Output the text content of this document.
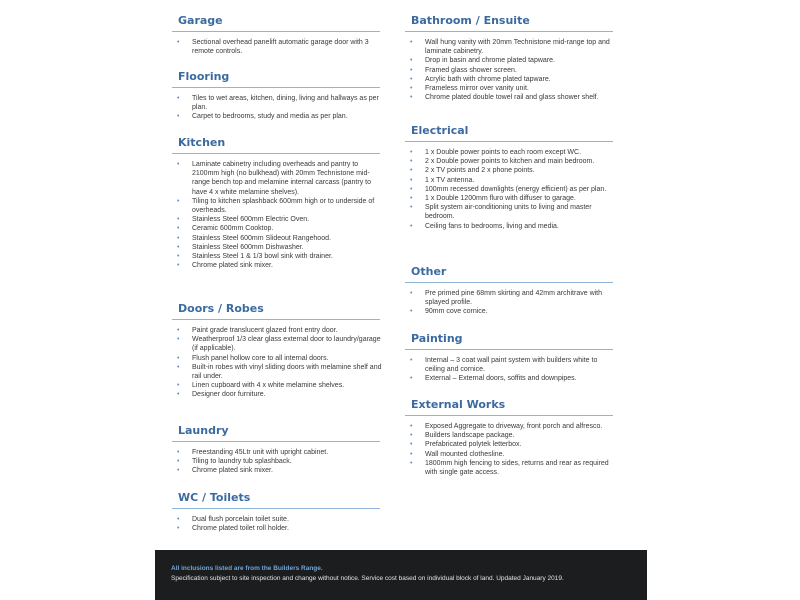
Garage
• Sectional overhead panelift automatic garage door with 3 remote controls.
Flooring
• Tiles to wet areas, kitchen, dining, living and hallways as per plan.
• Carpet to bedrooms, study and media as per plan.
Kitchen
• Laminate cabinetry including overheads and pantry to 2100mm high (no bulkhead) with 20mm Technistone mid-range bench top and melamine internal carcass (pantry to have 4 x white melamine shelves).
• Tiling to kitchen splashback 600mm high or to underside of overheads.
• Stainless Steel 600mm Electric Oven.
• Ceramic 600mm Cooktop.
• Stainless Steel 600mm Slideout Rangehood.
• Stainless Steel 600mm Dishwasher.
• Stainless Steel 1 & 1/3 bowl sink with drainer.
• Chrome plated sink mixer.
Doors / Robes
• Paint grade translucent glazed front entry door.
• Weatherproof 1/3 clear glass external door to laundry/garage (if applicable).
• Flush panel hollow core to all internal doors.
• Built-in robes with vinyl sliding doors with melamine shelf and rail under.
• Linen cupboard with 4 x white melamine shelves.
• Designer door furniture.
Laundry
• Freestanding 45Ltr unit with upright cabinet.
• Tiling to laundry tub splashback.
• Chrome plated sink mixer.
WC / Toilets
• Dual flush porcelain toilet suite.
• Chrome plated toilet roll holder.
Bathroom / Ensuite
• Wall hung vanity with 20mm Technistone mid-range top and laminate cabinetry.
• Drop in basin and chrome plated tapware.
• Framed glass shower screen.
• Acrylic bath with chrome plated tapware.
• Frameless mirror over vanity unit.
• Chrome plated double towel rail and glass shower shelf.
Electrical
• 1 x Double power points to each room except WC.
• 2 x Double power points to kitchen and main bedroom.
• 2 x TV points and 2 x phone points.
• 1 x TV antenna.
• 100mm recessed downlights (energy efficient) as per plan.
• 1 x Double 1200mm fluro with diffuser to garage.
• Split system air-conditioning units to living and master bedroom.
• Ceiling fans to bedrooms, living and media.
Other
• Pre primed pine 68mm skirting and 42mm architrave with splayed profile.
• 90mm cove cornice.
Painting
• Internal – 3 coat wall paint system with builders white to ceiling and cornice.
• External – External doors, soffits and downpipes.
External Works
• Exposed Aggregate to driveway, front porch and alfresco.
• Builders landscape package.
• Prefabricated polytek letterbox.
• Wall mounted clothesline.
• 1800mm high fencing to sides, returns and rear as required with single gate access.
All inclusions listed are from the Builders Range.
Specification subject to site inspection and change without notice. Service cost based on individual block of land. Updated January 2019.
